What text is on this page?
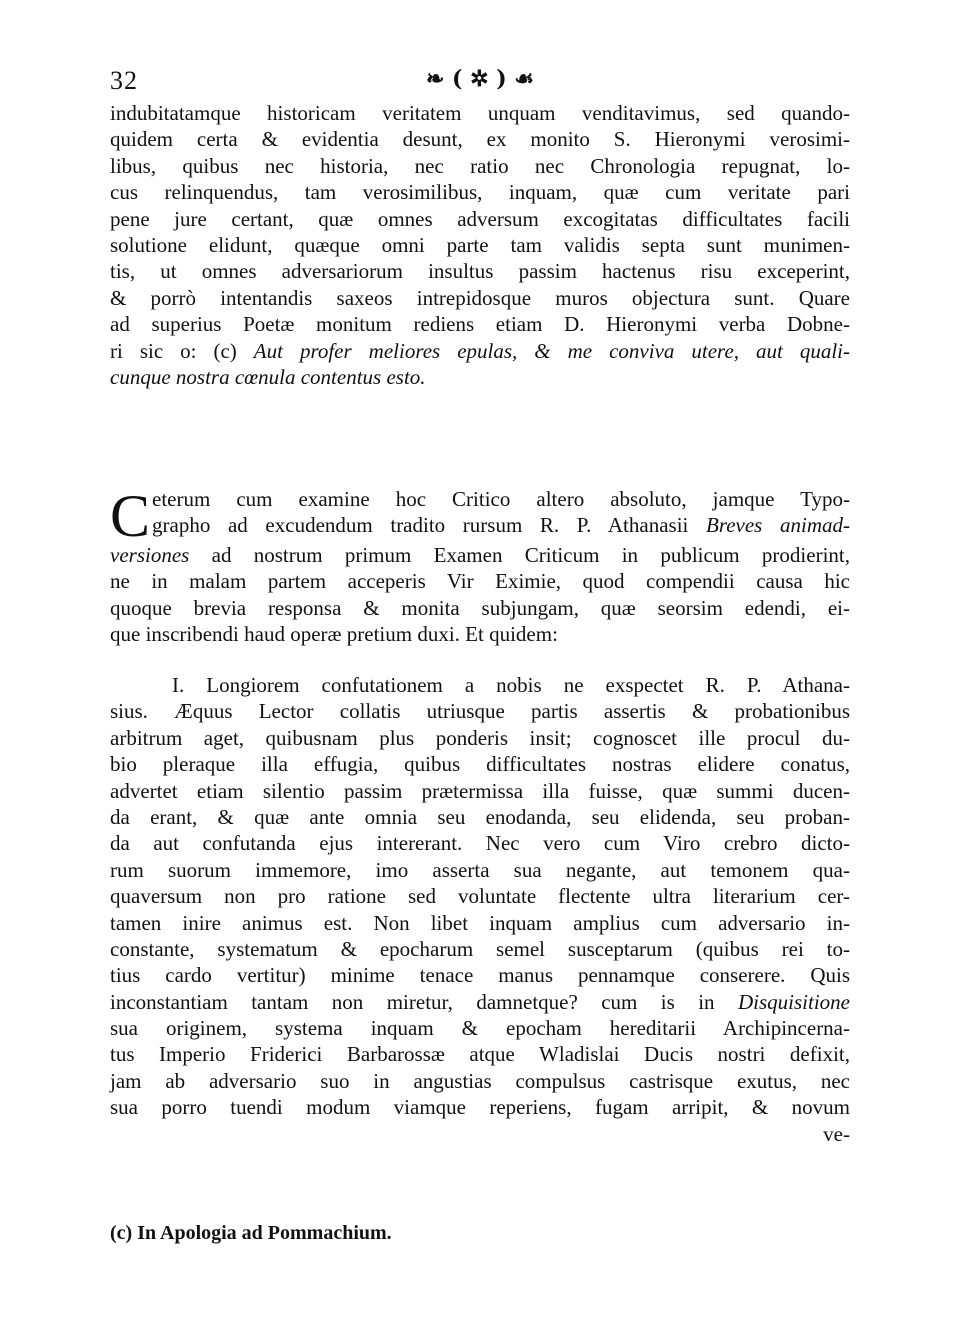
32	❧ ( ✲ ) ☙
indubitatamque historicam veritatem unquam venditavimus, sed quando-
quidem certa & evidentia desunt, ex monito S. Hieronymi verosimi-
libus, quibus nec historia, nec ratio nec Chronologia repugnat, lo-
cus relinquendus, tam verosimilibus, inquam, quæ cum veritate pari
pene jure certant, quæ omnes adversum excogitatas difficultates facili
solutione elidunt, quæque omni parte tam validis septa sunt munimen-
tis, ut omnes adversariorum insultus passim hactenus risu exceperint,
& porrò intentandis saxeos intrepidosque muros objectura sunt. Quare
ad superius Poetæ monitum rediens etiam D. Hieronymi verba Dobne-
ri sic o: (c) Aut profer meliores epulas, & me conviva utere, aut quali-
cunque nostra cœnula contentus esto.
C eterum cum examine hoc Critico altero absoluto, jamque Typo-
grapho ad excudendum tradito rursum R. P. Athanasii Breves animad-
versiones ad nostrum primum Examen Criticum in publicum prodierint,
ne in malam partem acceperis Vir Eximie, quod compendii causa hic
quoque brevia responsa & monita subjungam, quæ seorsim edendi, ei-
que inscribendi haud operæ pretium duxi. Et quidem:
I. Longiorem confutationem a nobis ne exspectet R. P. Athana-
sius. Æquus Lector collatis utriusque partis assertis & probationibus
arbitrum aget, quibusnam plus ponderis insit; cognoscet ille procul du-
bio pleraque illa effugia, quibus difficultates nostras elidere conatus,
advertet etiam silentio passim prætermissa illa fuisse, quæ summi ducen-
da erant, & quæ ante omnia seu enodanda, seu elidenda, seu proban-
da aut confutanda ejus intererant. Nec vero cum Viro crebro dicto-
rum suorum immemore, imo asserta sua negante, aut temonem qua-
quaversum non pro ratione sed voluntate flectente ultra literarium cer-
tamen inire animus est. Non libet inquam amplius cum adversario in-
constante, systematum & epocharum semel susceptarum (quibus rei to-
tius cardo vertitur) minime tenace manus pennamque conserere. Quis
inconstantiam tantam non miretur, damnetque? cum is in Disquisitione
sua originem, systema inquam & epocham hereditarii Archipincerna-
tus Imperio Friderici Barbarossæ atque Wladislai Ducis nostri defixit,
jam ab adversario suo in angustias compulsus castrisque exutus, nec
sua porro tuendi modum viamque reperiens, fugam arripit, & novum
ve-
(c) In Apologia ad Pommachium.
